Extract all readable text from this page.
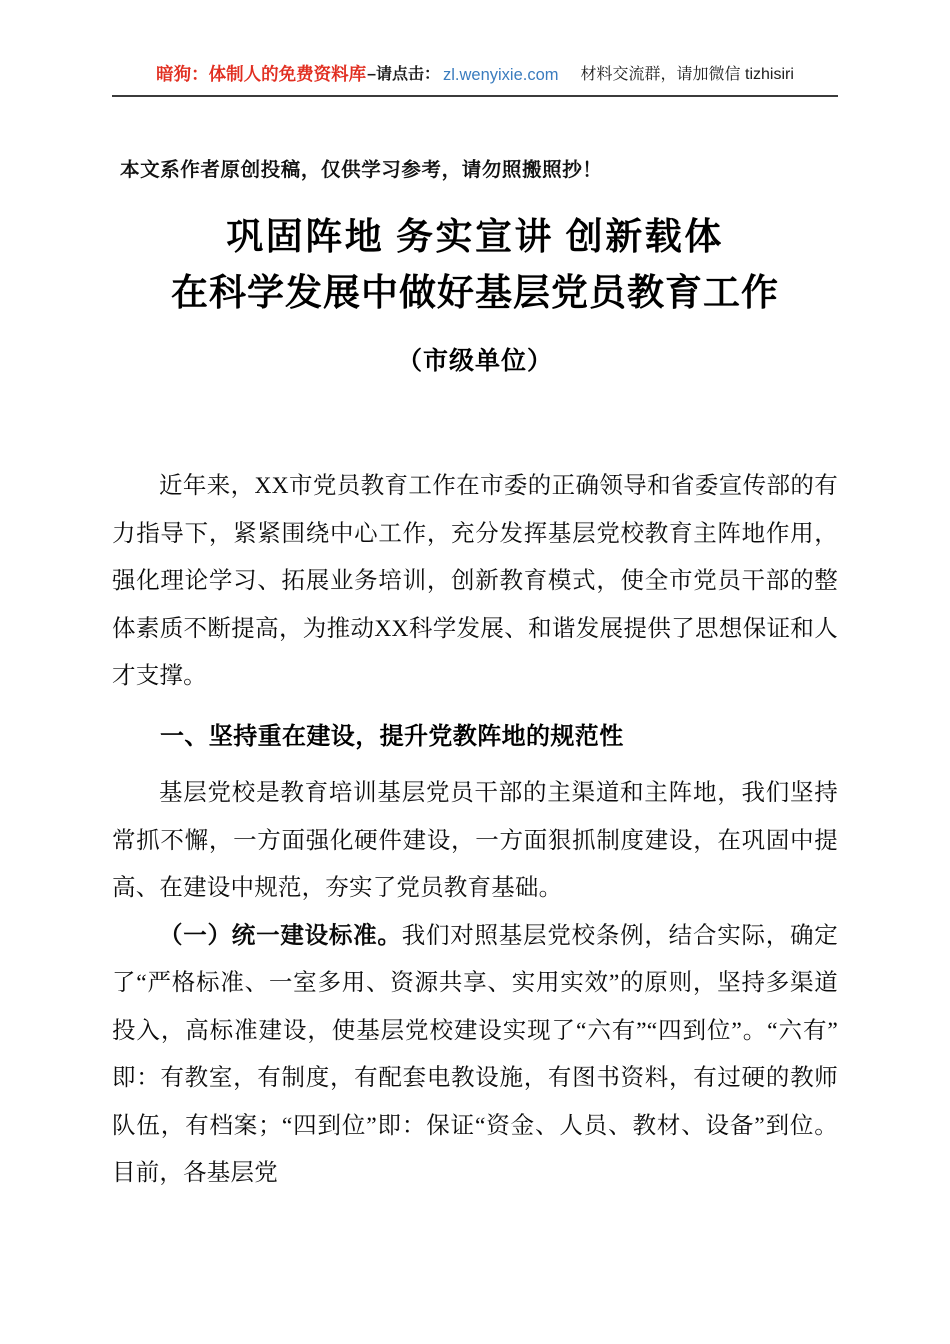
暗狗：体制人的免费资料库 –请点击： zl.wenyixie.com 材料交流群，请加微信 tizhisiri
本文系作者原创投稿，仅供学习参考，请勿照搬照抄！
巩固阵地 务实宣讲 创新载体
在科学发展中做好基层党员教育工作
（市级单位）

近年来，XX市党员教育工作在市委的正确领导和省委宣传部的有力指导下，紧紧围绕中心工作，充分发挥基层党校教育主阵地作用，强化理论学习、拓展业务培训，创新教育模式，使全市党员干部的整体素质不断提高，为推动XX科学发展、和谐发展提供了思想保证和人才支撑。

一、坚持重在建设，提升党教阵地的规范性

基层党校是教育培训基层党员干部的主渠道和主阵地，我们坚持常抓不懈，一方面强化硬件建设，一方面狠抓制度建设，在巩固中提高、在建设中规范，夯实了党员教育基础。

（一）统一建设标准。我们对照基层党校条例，结合实际，确定了“严格标准、一室多用、资源共享、实用实效”的原则，坚持多渠道投入，高标准建设，使基层党校建设实现了“六有”“四到位”。“六有”即：有教室，有制度，有配套电教设施，有图书资料，有过硬的教师队伍，有档案；“四到位”即：保证“资金、人员、教材、设备”到位。目前，各基层党
